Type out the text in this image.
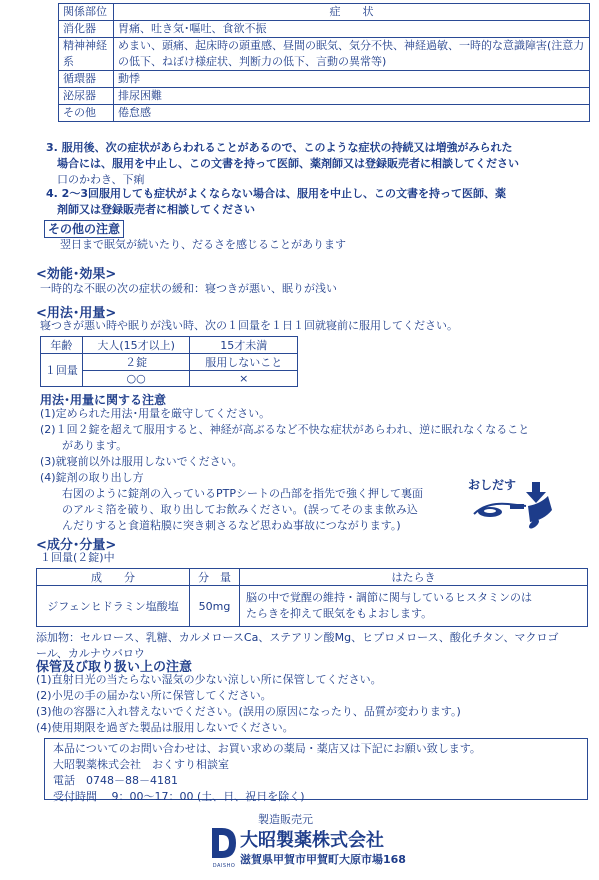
関係部位	症　　状
消化器	胃痛、吐き気･嘔吐、食欲不振
精神神経系	めまい、頭痛、起床時の頭重感、昼間の眠気、気分不快、神経過敏、一時的な意識障害(注意力の低下、ねぼけ様症状、判断力の低下、言動の異常等)
循環器	動悸
泌尿器	排尿困難
その他	倦怠感
3. 服用後、次の症状があらわれることがあるので、このような症状の持続又は増強がみられた
　場合には、服用を中止し、この文書を持って医師、薬剤師又は登録販売者に相談してください
　口のかわき、下痢
4. 2～3回服用しても症状がよくならない場合は、服用を中止し、この文書を持って医師、薬
　剤師又は登録販売者に相談してください
その他の注意
翌日まで眠気が続いたり、だるさを感じることがあります
<効能･効果>
一時的な不眠の次の症状の緩和：寝つきが悪い、眠りが浅い
<用法･用量>
寝つきが悪い時や眠りが浅い時、次の１回量を１日１回就寝前に服用してください。
年齢	大人(15才以上)	15才未満
１回量	２錠	服用しないこと
	○○	×
用法･用量に関する注意
(1)定められた用法･用量を厳守してください。
(2)１回２錠を超えて服用すると、神経が高ぶるなど不快な症状があらわれ、逆に眠れなくなること
　　があります。
(3)就寝前以外は服用しないでください。
(4)錠剤の取り出し方
　　右図のように錠剤の入っているPTPシートの凸部を指先で強く押して裏面
　　のアルミ箔を破り、取り出してお飲みください。(誤ってそのまま飲み込
　　んだりすると食道粘膜に突き刺さるなど思わぬ事故につながります。)
おしだす
<成分･分量>
１回量(２錠)中
成　　分	分　量	はたらき
ジフェンヒドラミン塩酸塩	50mg	脳の中で覚醒の維持・調節に関与しているヒスタミンのは
たらきを抑えて眠気をもよおします。
添加物：セルロース、乳糖、カルメロースCa、ステアリン酸Mg、ヒプロメロース、酸化チタン、マクロゴ
ール、カルナウバロウ
保管及び取り扱い上の注意
(1)直射日光の当たらない湿気の少ない涼しい所に保管してください。
(2)小児の手の届かない所に保管してください。
(3)他の容器に入れ替えないでください。(誤用の原因になったり、品質が変わります。)
(4)使用期限を過ぎた製品は服用しないでください。
本品についてのお問い合わせは、お買い求めの薬局・薬店又は下記にお願い致します。
大昭製薬株式会社　おくすり相談室
電話　0748－88－4181
受付時間　 9：00～17：00 (土、日、祝日を除く)
製造販売元
DAISHO
大昭製薬株式会社
滋賀県甲賀市甲賀町大原市場168
